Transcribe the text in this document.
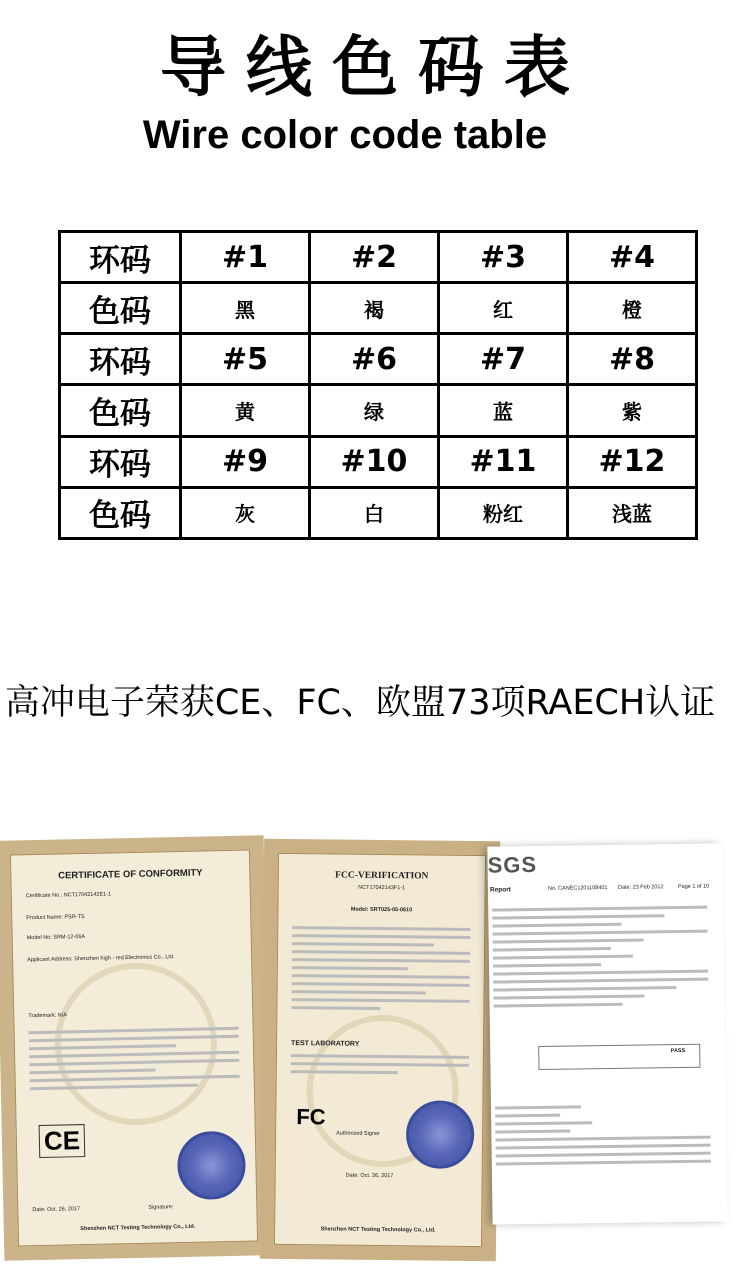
导线色码表
Wire color code table
环码	#1	#2	#3	#4
色码	黑	褐	红	橙
环码	#5	#6	#7	#8
色码	黄	绿	蓝	紫
环码	#9	#10	#11	#12
色码	灰	白	粉红	浅蓝
高冲电子荣获CE、FC、欧盟73项RAECH认证
CERTIFICATE OF CONFORMITY
Certificate No.: NCT17042142E1-1
Product Name: PSR-TS
Model No: SRM-12-06A
Applicant Address: Shenzhen high - red Electronics Co., Ltd.
Trademark: N/A
CE
Date: Oct. 26, 2017	Signature:
Shenzhen NCT Testing Technology Co., Ltd.
FCC-VERIFICATION
NCT17042143F1-1
Model: SRT025-05-0610
TEST LABORATORY
FC
Authorized Signer
Date: Oct. 26, 2017
Shenzhen NCT Testing Technology Co., Ltd.
SGS
Report	No. CANEC1201108401 Date: 23 Feb 2012	Page 1 of 10
PASS
